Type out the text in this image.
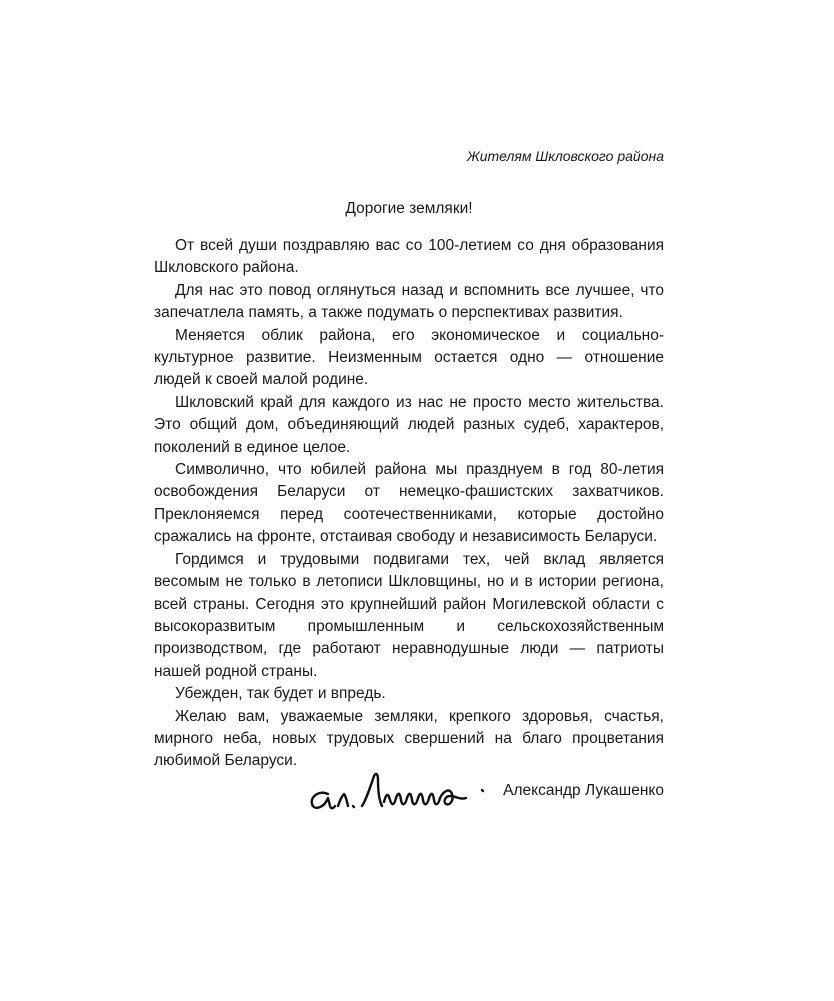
Жителям Шкловского района
Дорогие земляки!

От всей души поздравляю вас со 100-летием со дня образования Шкловского района.

Для нас это повод оглянуться назад и вспомнить все лучшее, что запечатлела память, а также подумать о перспективах развития.

Меняется облик района, его экономическое и социально-культурное развитие. Неизменным остается одно — отношение людей к своей малой родине.

Шкловский край для каждого из нас не просто место жительства. Это общий дом, объединяющий людей разных судеб, характеров, поколений в единое целое.

Символично, что юбилей района мы празднуем в год 80-летия освобождения Беларуси от немецко-фашистских захватчиков. Преклоняемся перед соотечественниками, которые достойно сражались на фронте, отстаивая свободу и независимость Беларуси.

Гордимся и трудовыми подвигами тех, чей вклад является весомым не только в летописи Шкловщины, но и в истории региона, всей страны. Сегодня это крупнейший район Могилевской области с высокоразвитым промышленным и сельскохозяйственным производством, где работают неравнодушные люди — патриоты нашей родной страны.

Убежден, так будет и впредь.

Желаю вам, уважаемые земляки, крепкого здоровья, счастья, мирного неба, новых трудовых свершений на благо процветания любимой Беларуси.

Александр Лукашенко
